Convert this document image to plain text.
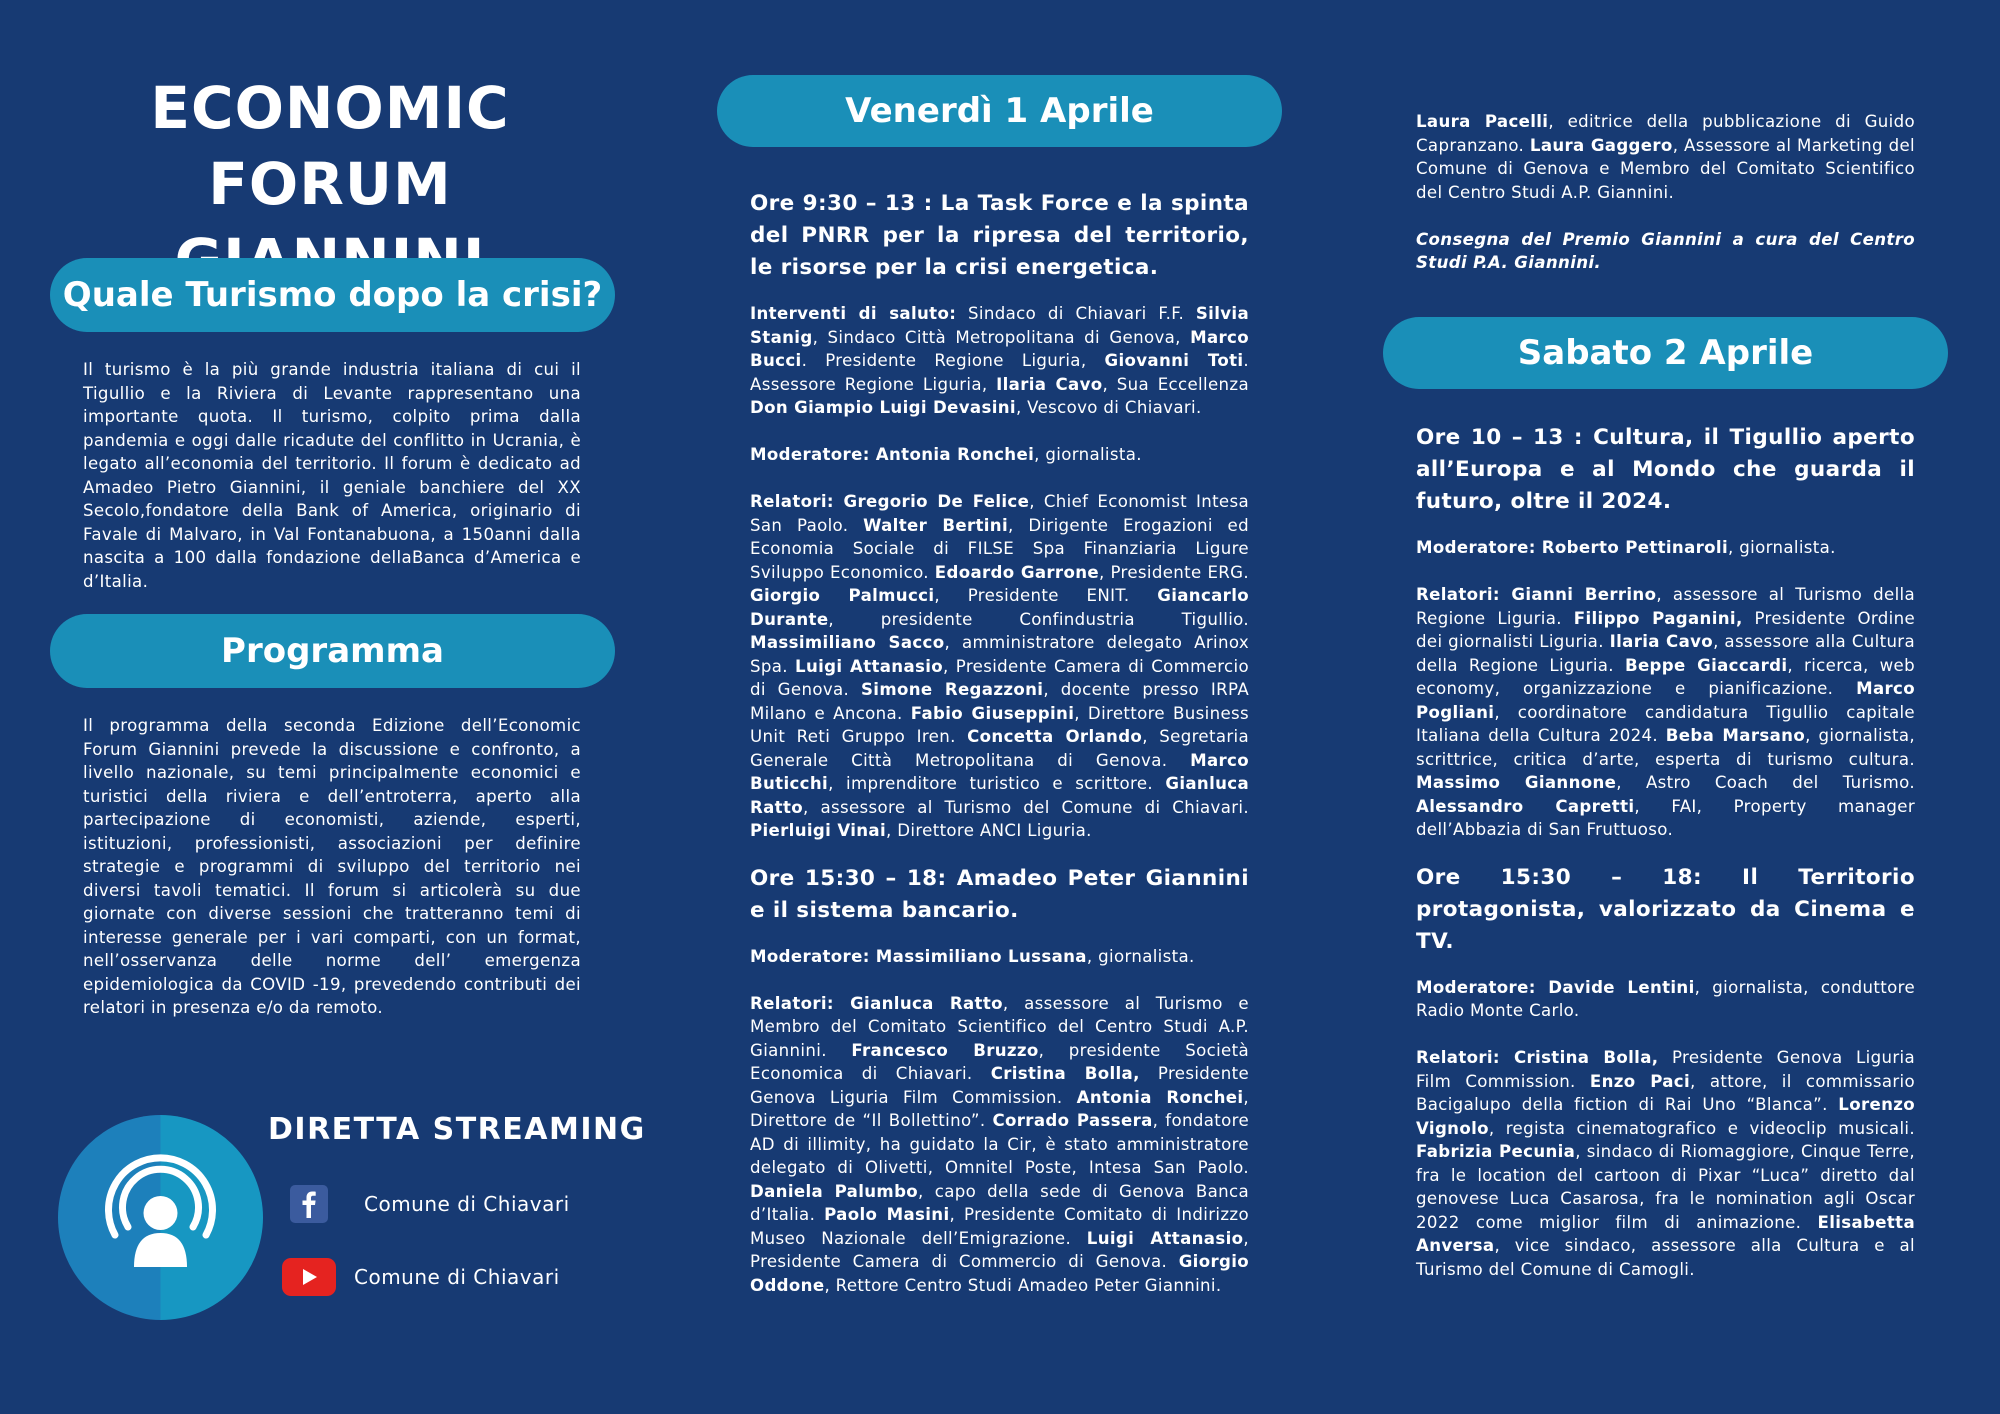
ECONOMIC FORUM
Quale Turismo dopo la crisi?

Il turismo è la più grande industria italiana di cui il Tigullio e la Riviera di Levante rappresentano una importante quota. Il turismo, colpito prima dalla pandemia e oggi dalle ricadute del conflitto in Ucrania, è legato all’economia del territorio. Il forum è dedicato ad Amadeo Pietro Giannini, il geniale banchiere del XX Secolo,fondatore della Bank of America, originario di Favale di Malvaro, in Val Fontanabuona, a 150anni dalla nascita a 100 dalla fondazione dellaBanca d’America e d’Italia.

Programma

Il programma della seconda Edizione dell’Economic Forum Giannini prevede la discussione e confronto, a livello nazionale, su temi principalmente economici e turistici della riviera e dell’entroterra, aperto alla partecipazione di economisti, aziende, esperti, istituzioni, professionisti, associazioni per definire strategie e programmi di sviluppo del territorio nei diversi tavoli tematici. Il forum si articolerà su due giornate con diverse sessioni che tratteranno temi di interesse generale per i vari comparti, con un format, nell’osservanza delle norme dell’ emergenza epidemiologica da COVID -19, prevedendo contributi dei relatori in presenza e/o da remoto.

DIRETTA STREAMING
Comune di Chiavari
Comune di Chiavari
Venerdì 1 Aprile
Ore 9:30 – 13 : La Task Force e la spinta del PNRR per la ripresa del territorio, le risorse per la crisi energetica.

Interventi di saluto: Sindaco di Chiavari F.F. Silvia Stanig, Sindaco Città Metropolitana di Genova, Marco Bucci. Presidente Regione Liguria, Giovanni Toti. Assessore Regione Liguria, Ilaria Cavo, Sua Eccellenza Don Giampio Luigi Devasini, Vescovo di Chiavari.

Moderatore: Antonia Ronchei, giornalista.

Relatori: Gregorio De Felice, Chief Economist Intesa San Paolo. Walter Bertini, Dirigente Erogazioni ed Economia Sociale di FILSE Spa Finanziaria Ligure Sviluppo Economico. Edoardo Garrone, Presidente ERG. Giorgio Palmucci, Presidente ENIT. Giancarlo Durante, presidente Confindustria Tigullio. Massimiliano Sacco, amministratore delegato Arinox Spa. Luigi Attanasio, Presidente Camera di Commercio di Genova. Simone Regazzoni, docente presso IRPA Milano e Ancona. Fabio Giuseppini, Direttore Business Unit Reti Gruppo Iren. Concetta Orlando, Segretaria Generale Città Metropolitana di Genova. Marco Buticchi, imprenditore turistico e scrittore. Gianluca Ratto, assessore al Turismo del Comune di Chiavari. Pierluigi Vinai, Direttore ANCI Liguria.

Ore 15:30 – 18: Amadeo Peter Giannini e il sistema bancario.

Moderatore: Massimiliano Lussana, giornalista.

Relatori: Gianluca Ratto, assessore al Turismo e Membro del Comitato Scientifico del Centro Studi A.P. Giannini. Francesco Bruzzo, presidente Società Economica di Chiavari. Cristina Bolla, Presidente Genova Liguria Film Commission. Antonia Ronchei, Direttore de “Il Bollettino”. Corrado Passera, fondatore AD di illimity, ha guidato la Cir, è stato amministratore delegato di Olivetti, Omnitel Poste, Intesa San Paolo. Daniela Palumbo, capo della sede di Genova Banca d’Italia. Paolo Masini, Presidente Comitato di Indirizzo Museo Nazionale dell’Emigrazione. Luigi Attanasio, Presidente Camera di Commercio di Genova. Giorgio Oddone, Rettore Centro Studi Amadeo Peter Giannini.

Laura Pacelli, editrice della pubblicazione di Guido Capranzano. Laura Gaggero, Assessore al Marketing del Comune di Genova e Membro del Comitato Scientifico del Centro Studi A.P. Giannini.

Consegna del Premio Giannini a cura del Centro Studi P.A. Giannini.

Sabato 2 Aprile
Ore 10 – 13 : Cultura, il Tigullio aperto all’Europa e al Mondo che guarda il futuro, oltre il 2024.

Moderatore: Roberto Pettinaroli, giornalista.

Relatori: Gianni Berrino, assessore al Turismo della Regione Liguria. Filippo Paganini, Presidente Ordine dei giornalisti Liguria. Ilaria Cavo, assessore alla Cultura della Regione Liguria. Beppe Giaccardi, ricerca, web economy, organizzazione e pianificazione. Marco Pogliani, coordinatore candidatura Tigullio capitale Italiana della Cultura 2024. Beba Marsano, giornalista, scrittrice, critica d’arte, esperta di turismo cultura. Massimo Giannone, Astro Coach del Turismo. Alessandro Capretti, FAI, Property manager dell’Abbazia di San Fruttuoso.

Ore 15:30 – 18: Il Territorio protagonista, valorizzato da Cinema e TV.

Moderatore: Davide Lentini, giornalista, conduttore Radio Monte Carlo.

Relatori: Cristina Bolla, Presidente Genova Liguria Film Commission. Enzo Paci, attore, il commissario Bacigalupo della fiction di Rai Uno “Blanca”. Lorenzo Vignolo, regista cinematografico e videoclip musicali. Fabrizia Pecunia, sindaco di Riomaggiore, Cinque Terre, fra le location del cartoon di Pixar “Luca” diretto dal genovese Luca Casarosa, fra le nomination agli Oscar 2022 come miglior film di animazione. Elisabetta Anversa, vice sindaco, assessore alla Cultura e al Turismo del Comune di Camogli.
